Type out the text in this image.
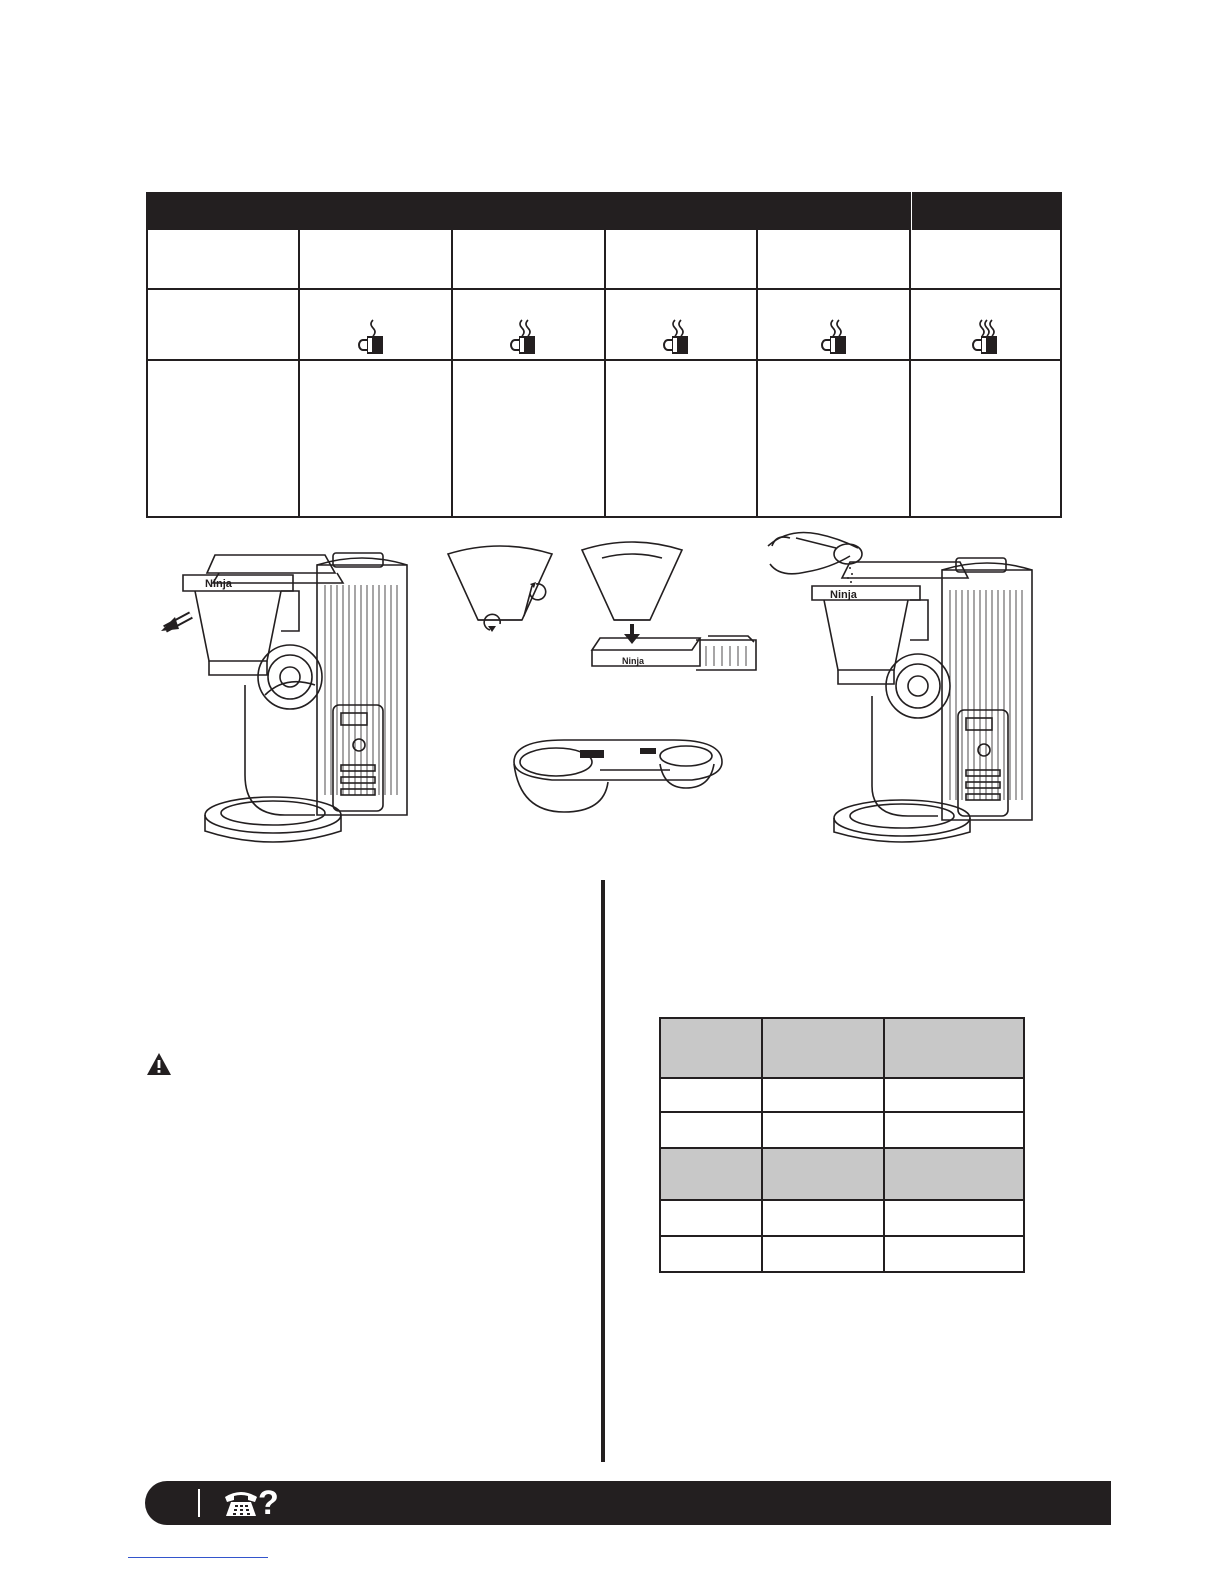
Ninja
Ninja
Ninja
?
